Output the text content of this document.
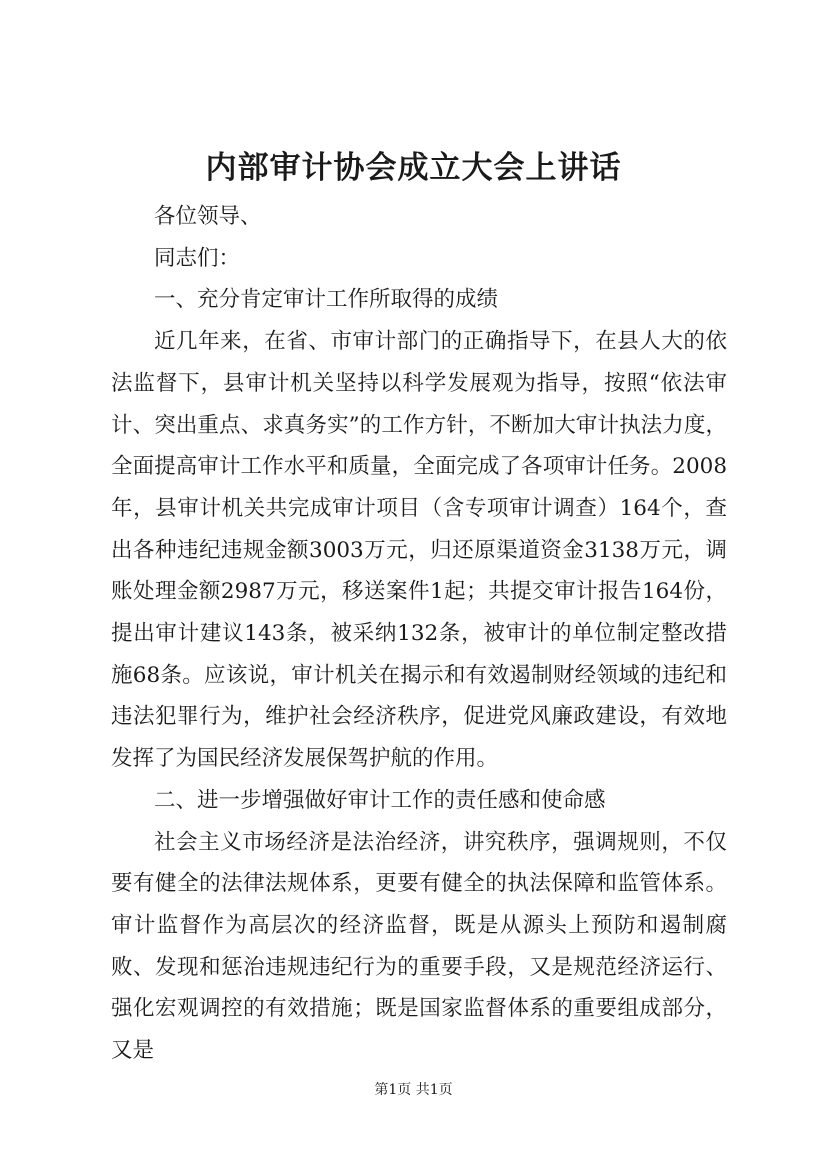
内部审计协会成立大会上讲话

各位领导、

同志们：

一、充分肯定审计工作所取得的成绩

近几年来，在省、市审计部门的正确指导下，在县人大的依法监督下，县审计机关坚持以科学发展观为指导，按照“依法审计、突出重点、求真务实”的工作方针，不断加大审计执法力度，全面提高审计工作水平和质量，全面完成了各项审计任务。2008年，县审计机关共完成审计项目（含专项审计调查）164个，查出各种违纪违规金额3003万元，归还原渠道资金3138万元，调账处理金额2987万元，移送案件1起；共提交审计报告164份，提出审计建议143条，被采纳132条，被审计的单位制定整改措施68条。应该说，审计机关在揭示和有效遏制财经领域的违纪和违法犯罪行为，维护社会经济秩序，促进党风廉政建设，有效地发挥了为国民经济发展保驾护航的作用。

二、进一步增强做好审计工作的责任感和使命感

社会主义市场经济是法治经济，讲究秩序，强调规则，不仅要有健全的法律法规体系，更要有健全的执法保障和监管体系。审计监督作为高层次的经济监督，既是从源头上预防和遏制腐败、发现和惩治违规违纪行为的重要手段，又是规范经济运行、强化宏观调控的有效措施；既是国家监督体系的重要组成部分，又是

第1页 共1页
